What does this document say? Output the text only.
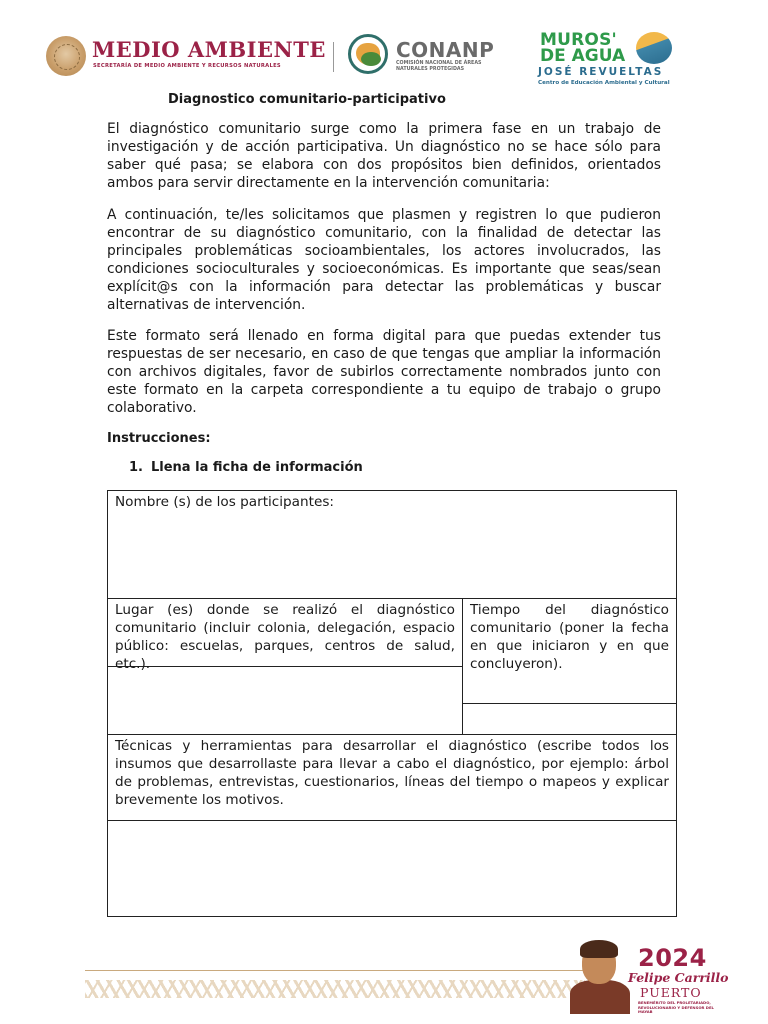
MEDIO AMBIENTE
SECRETARÍA DE MEDIO AMBIENTE Y RECURSOS NATURALES
CONANP
COMISIÓN NACIONAL DE ÁREAS NATURALES PROTEGIDAS
MUROS'
DE AGUA
JOSÉ REVUELTAS
Centro de Educación Ambiental y Cultural
Diagnostico comunitario-participativo

El diagnóstico comunitario surge como la primera fase en un trabajo de investigación y de acción participativa. Un diagnóstico no se hace sólo para saber qué pasa; se elabora con dos propósitos bien definidos, orientados ambos para servir directamente en la intervención comunitaria:

A continuación, te/les solicitamos que plasmen y registren lo que pudieron encontrar de su diagnóstico comunitario, con la finalidad de detectar las principales problemáticas socioambientales, los actores involucrados, las condiciones socioculturales y socioeconómicas. Es importante que seas/sean explícit@s con la información para detectar las problemáticas y buscar alternativas de intervención.

Este formato será llenado en forma digital para que puedas extender tus respuestas de ser necesario, en caso de que tengas que ampliar la información con archivos digitales, favor de subirlos correctamente nombrados junto con este formato en la carpeta correspondiente a tu equipo de trabajo o grupo colaborativo.

Instrucciones:
1. Llena la ficha de información
Nombre (s) de los participantes:
Lugar (es) donde se realizó el diagnóstico comunitario (incluir colonia, delegación, espacio público: escuelas, parques, centros de salud, etc.).
Tiempo del diagnóstico comunitario (poner la fecha en que iniciaron y en que concluyeron).
Técnicas y herramientas para desarrollar el diagnóstico (escribe todos los insumos que desarrollaste para llevar a cabo el diagnóstico, por ejemplo: árbol de problemas, entrevistas, cuestionarios, líneas del tiempo o mapeos y explicar brevemente los motivos.
2024
Felipe Carrillo
PUERTO
BENEMÉRITO DEL PROLETARIADO, REVOLUCIONARIO Y DEFENSOR DEL MAYAB
